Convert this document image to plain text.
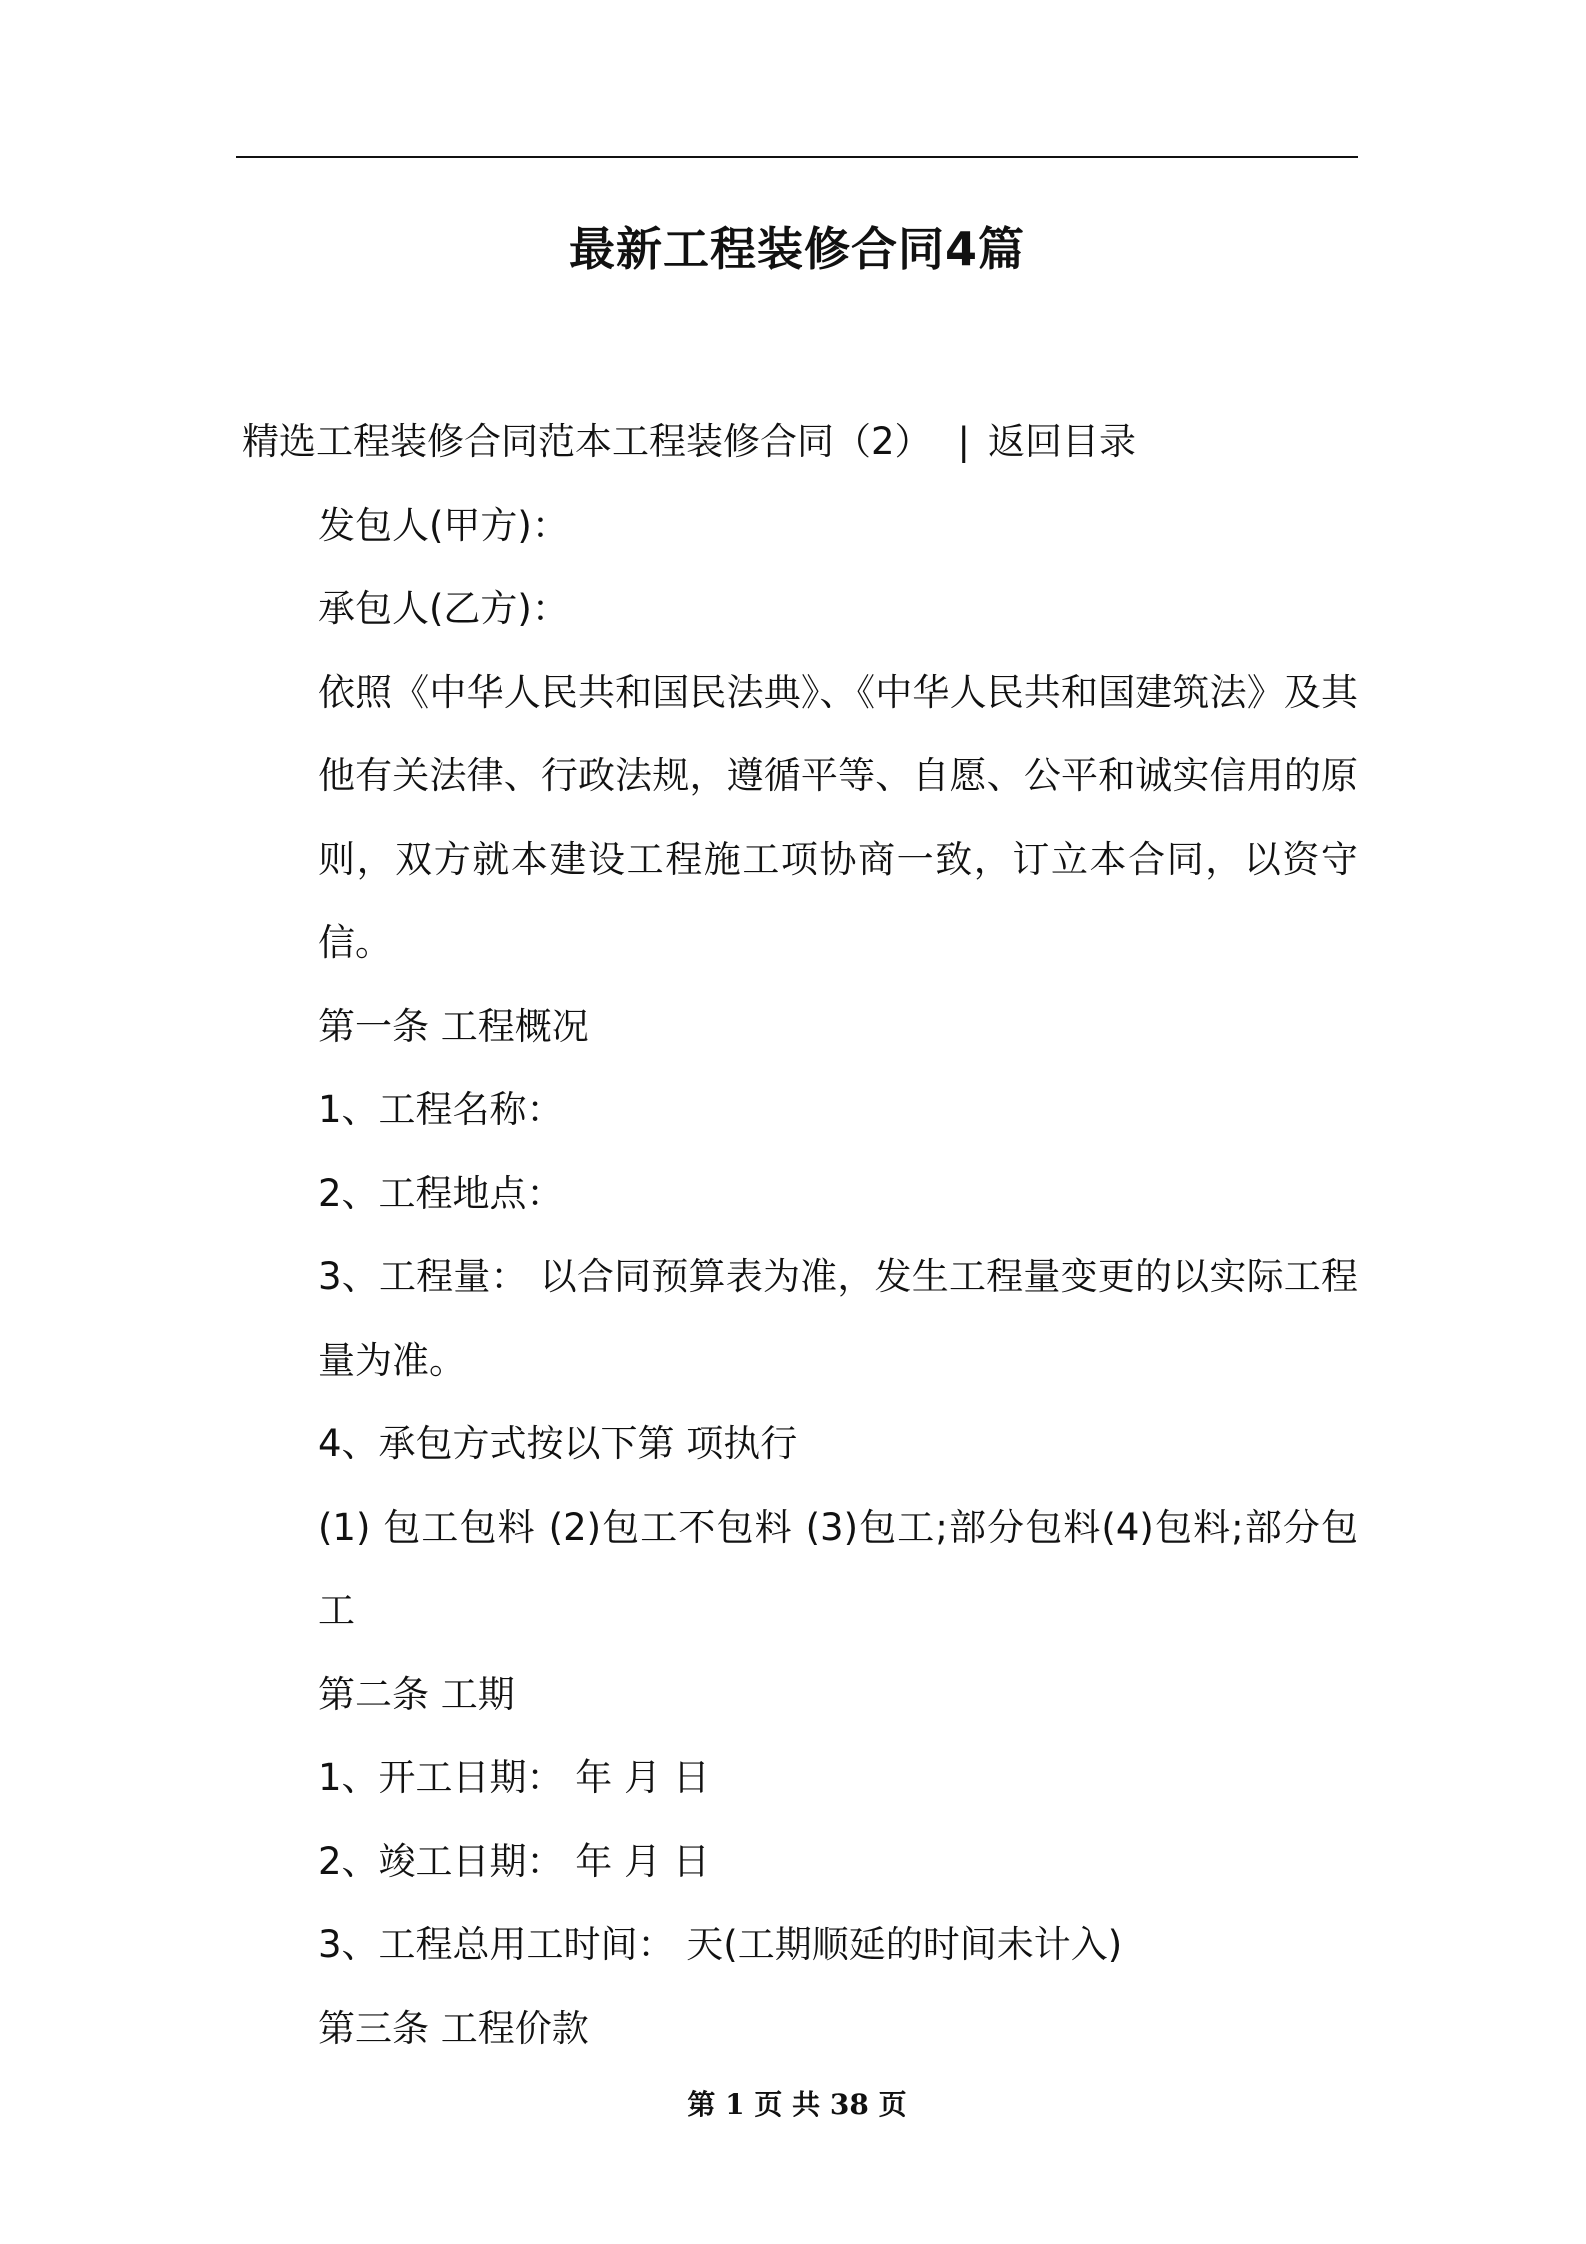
最新工程装修合同4篇

精选工程装修合同范本工程装修合同（2） | 返回目录

发包人(甲方)：

承包人(乙方)：

依照《中华人民共和国民法典》、《中华人民共和国建筑法》及其他有关法律、行政法规，遵循平等、自愿、公平和诚实信用的原则，双方就本建设工程施工项协商一致，订立本合同，以资守信。

第一条 工程概况

1、工程名称：

2、工程地点：

3、工程量： 以合同预算表为准，发生工程量变更的以实际工程量为准。

4、承包方式按以下第 项执行

(1) 包工包料 (2)包工不包料 (3)包工;部分包料(4)包料;部分包工

第二条 工期

1、开工日期： 年 月 日

2、竣工日期： 年 月 日

3、工程总用工时间： 天(工期顺延的时间未计入)

第三条 工程价款

第 1 页 共 38 页
